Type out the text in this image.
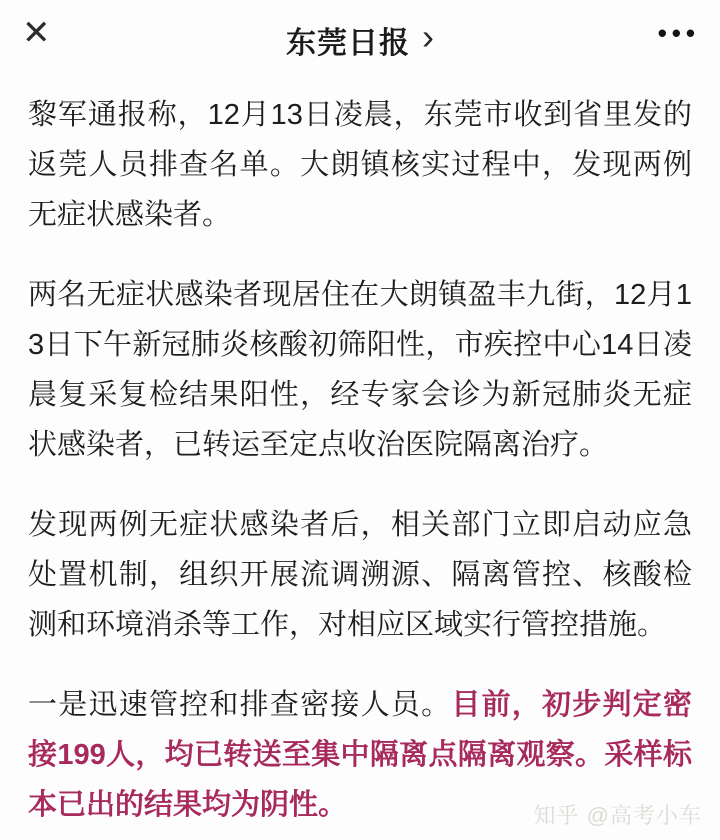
✕	东莞日报 ›	•••

黎军通报称，12月13日凌晨，东莞市收到省里发的返莞人员排查名单。大朗镇核实过程中，发现两例无症状感染者。

两名无症状感染者现居住在大朗镇盈丰九街，12月13日下午新冠肺炎核酸初筛阳性，市疾控中心14日凌晨复采复检结果阳性，经专家会诊为新冠肺炎无症状感染者，已转运至定点收治医院隔离治疗。

发现两例无症状感染者后，相关部门立即启动应急处置机制，组织开展流调溯源、隔离管控、核酸检测和环境消杀等工作，对相应区域实行管控措施。

一是迅速管控和排查密接人员。目前，初步判定密接199人，均已转送至集中隔离点隔离观察。采样标本已出的结果均为阴性。	知乎 @高考小车
